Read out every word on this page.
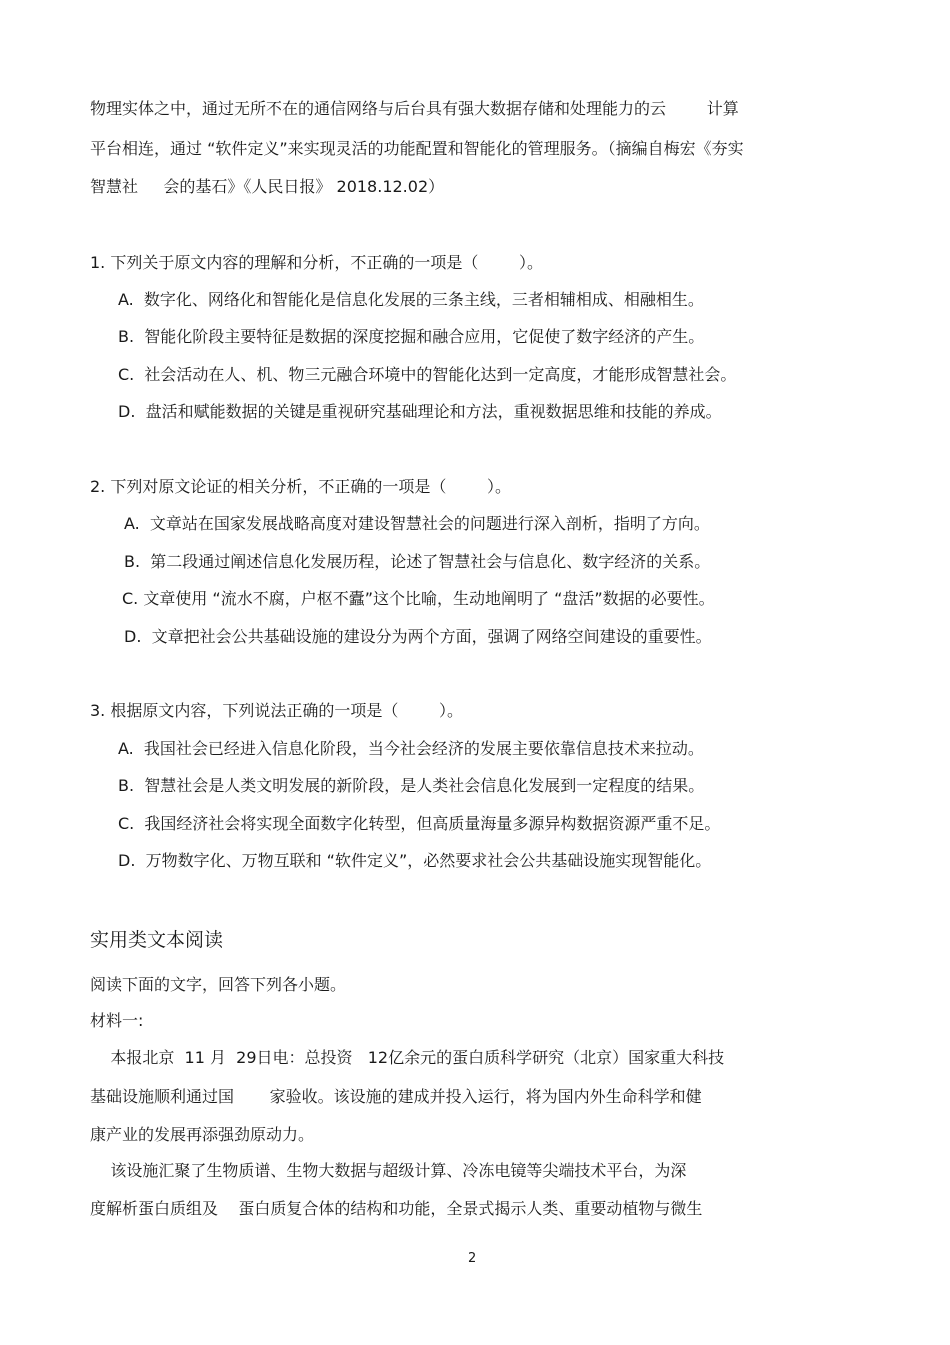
物理实体之中，通过无所不在的通信网络与后台具有强大数据存储和处理能力的云        计算
平台相连，通过 “软件定义”来实现灵活的功能配置和智能化的管理服务。（摘编自梅宏《夯实
智慧社     会的基石》《人民日报》 2018.12.02）
1. 下列关于原文内容的理解和分析，不正确的一项是（        ）。
A.  数字化、网络化和智能化是信息化发展的三条主线，三者相辅相成、相融相生。
B.  智能化阶段主要特征是数据的深度挖掘和融合应用，它促使了数字经济的产生。
C.  社会活动在人、机、物三元融合环境中的智能化达到一定高度，才能形成智慧社会。
D.  盘活和赋能数据的关键是重视研究基础理论和方法，重视数据思维和技能的养成。
2. 下列对原文论证的相关分析，不正确的一项是（        ）。
A.  文章站在国家发展战略高度对建设智慧社会的问题进行深入剖析，指明了方向。
B.  第二段通过阐述信息化发展历程，论述了智慧社会与信息化、数字经济的关系。
C. 文章使用 “流水不腐，户枢不蠹”这个比喻，生动地阐明了 “盘活”数据的必要性。
D.  文章把社会公共基础设施的建设分为两个方面，强调了网络空间建设的重要性。
3. 根据原文内容，下列说法正确的一项是（        ）。
A.  我国社会已经进入信息化阶段，当今社会经济的发展主要依靠信息技术来拉动。
B.  智慧社会是人类文明发展的新阶段，是人类社会信息化发展到一定程度的结果。
C.  我国经济社会将实现全面数字化转型，但高质量海量多源异构数据资源严重不足。
D.  万物数字化、万物互联和 “软件定义”，必然要求社会公共基础设施实现智能化。
实用类文本阅读
阅读下面的文字，回答下列各小题。
材料一:
本报北京  11 月  29日电：总投资   12亿余元的蛋白质科学研究（北京）国家重大科技
基础设施顺利通过国       家验收。该设施的建成并投入运行，将为国内外生命科学和健
康产业的发展再添强劲原动力。
该设施汇聚了生物质谱、生物大数据与超级计算、冷冻电镜等尖端技术平台，为深
度解析蛋白质组及    蛋白质复合体的结构和功能，全景式揭示人类、重要动植物与微生
2
